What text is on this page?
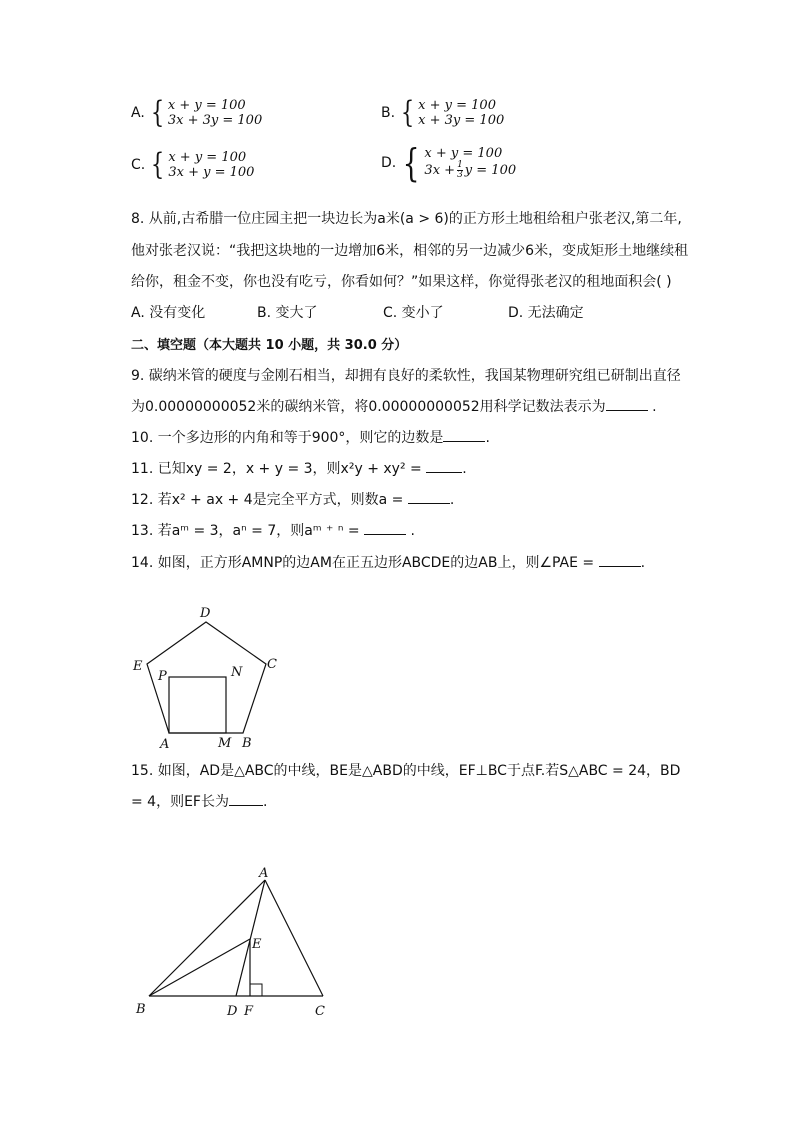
A. { x + y = 100
3x + 3y = 100	B. { x + y = 100
x + 3y = 100
C. { x + y = 100
3x + y = 100
D. { x + y = 100
$3x + \frac{1}{3}$ y = 100
8. 从前,古希腊一位庄园主把一块边长为a米(a > 6)的正方形土地租给租户张老汉,第二年,
他对张老汉说：“我把这块地的一边增加6米，相邻的另一边减少6米，变成矩形土地继续租
给你，租金不变，你也没有吃亏，你看如何？”如果这样，你觉得张老汉的租地面积会( )
A. 没有变化	B. 变大了	C. 变小了	D. 无法确定
二、填空题（本大题共 10 小题，共 30.0 分）
9. 碳纳米管的硬度与金刚石相当，却拥有良好的柔软性，我国某物理研究组已研制出直径
为0.00000000052米的碳纳米管，将0.00000000052用科学记数法表示为	.
10. 一个多边形的内角和等于900°，则它的边数是	.
11. 已知xy = 2，x + y = 3，则x²y + xy² =	.
12. 若x² + ax + 4是完全平方式，则数a =	.
13. 若aᵐ = 3，aⁿ = 7，则aᵐ ⁺ ⁿ =	.
14. 如图，正方形AMNP的边AM在正五边形ABCDE的边AB上，则∠PAE =	.
D
E	C
P	N
A	M B
15. 如图，AD是△ABC的中线，BE是△ABD的中线，EF⊥BC于点F.若S△ABC = 24，BD
= 4，则EF长为 .
A
E
B	D F	C
